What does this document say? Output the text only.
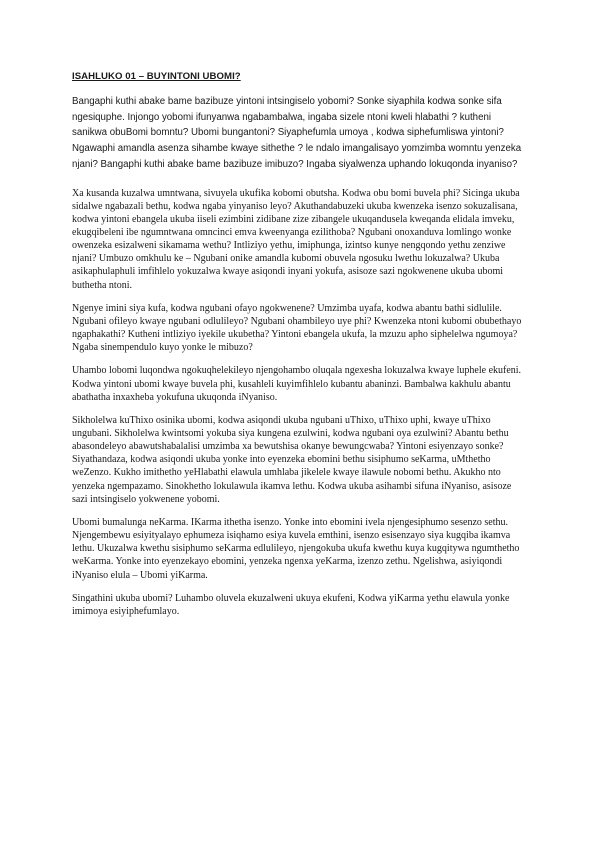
ISAHLUKO 01 – BUYINTONI UBOMI?

Bangaphi kuthi abake bame bazibuze yintoni intsingiselo yobomi? Sonke siyaphila kodwa sonke sifa ngesiquphe. Injongo yobomi ifunyanwa ngabambalwa, ingaba sizele ntoni kweli hlabathi ? kutheni sanikwa obuBomi bomntu? Ubomi bungantoni? Siyaphefumla umoya , kodwa siphefumliswa yintoni? Ngawaphi amandla asenza sihambe kwaye sithethe ? le ndalo imangalisayo yomzimba womntu yenzeka njani? Bangaphi kuthi abake bame bazibuze imibuzo? Ingaba siyalwenza uphando lokuqonda inyaniso?

Xa kusanda kuzalwa umntwana, sivuyela ukufika kobomi obutsha. Kodwa obu bomi buvela phi? Sicinga ukuba sidalwe ngabazali bethu, kodwa ngaba yinyaniso leyo? Akuthandabuzeki ukuba kwenzeka isenzo sokuzalisana, kodwa yintoni ebangela ukuba iiseli ezimbini zidibane zize zibangele ukuqandusela kweqanda elidala imveku, ekugqibeleni ibe ngumntwana omncinci emva kweenyanga ezilithoba? Ngubani onoxanduva lomlingo wonke owenzeka esizalweni sikamama wethu? Intliziyo yethu, imiphunga, izintso kunye nengqondo yethu zenziwe njani? Umbuzo omkhulu ke – Ngubani onike amandla kubomi obuvela ngosuku lwethu lokuzalwa? Ukuba asikaphulaphuli imfihlelo yokuzalwa kwaye asiqondi inyani yokufa, asisoze sazi ngokwenene ukuba ubomi buthetha ntoni.

Ngenye imini siya kufa, kodwa ngubani ofayo ngokwenene? Umzimba uyafa, kodwa abantu bathi sidlulile. Ngubani ofileyo kwaye ngubani odlulileyo? Ngubani ohambileyo uye phi? Kwenzeka ntoni kubomi obubethayo ngaphakathi? Kutheni intliziyo iyekile ukubetha? Yintoni ebangela ukufa, la mzuzu apho siphelelwa ngumoya? Ngaba sinempendulo kuyo yonke le mibuzo?

Uhambo lobomi luqondwa ngokuqhelekileyo njengohambo oluqala ngexesha lokuzalwa kwaye luphele ekufeni. Kodwa yintoni ubomi kwaye buvela phi, kusahleli kuyimfihlelo kubantu abaninzi. Bambalwa kakhulu abantu abathatha inxaxheba yokufuna ukuqonda iNyaniso.

Sikholelwa kuThixo osinika ubomi, kodwa asiqondi ukuba ngubani uThixo, uThixo uphi, kwaye uThixo ungubani. Sikholelwa kwintsomi yokuba siya kungena ezulwini, kodwa ngubani oya ezulwini? Abantu bethu abasondeleyo abawutshabalalisi umzimba xa bewutshisa okanye bewungcwaba? Yintoni esiyenzayo sonke? Siyathandaza, kodwa asiqondi ukuba yonke into eyenzeka ebomini bethu sisiphumo seKarma, uMthetho weZenzo. Kukho imithetho yeHlabathi elawula umhlaba jikelele kwaye ilawule nobomi bethu. Akukho nto yenzeka ngempazamo. Sinokhetho lokulawula ikamva lethu. Kodwa ukuba asihambi sifuna iNyaniso, asisoze sazi intsingiselo yokwenene yobomi.

Ubomi bumalunga neKarma. IKarma ithetha isenzo. Yonke into ebomini ivela njengesiphumo sesenzo sethu. Njengembewu esiyityalayo ephumeza isiqhamo esiya kuvela emthini, isenzo esisenzayo siya kugqiba ikamva lethu. Ukuzalwa kwethu sisiphumo seKarma edlulileyo, njengokuba ukufa kwethu kuya kugqitywa ngumthetho weKarma. Yonke into eyenzekayo ebomini, yenzeka ngenxa yeKarma, izenzo zethu. Ngelishwa, asiyiqondi iNyaniso elula – Ubomi yiKarma.

Singathini ukuba ubomi? Luhambo oluvela ekuzalweni ukuya ekufeni, Kodwa yiKarma yethu elawula yonke imimoya esiyiphefumlayo.
